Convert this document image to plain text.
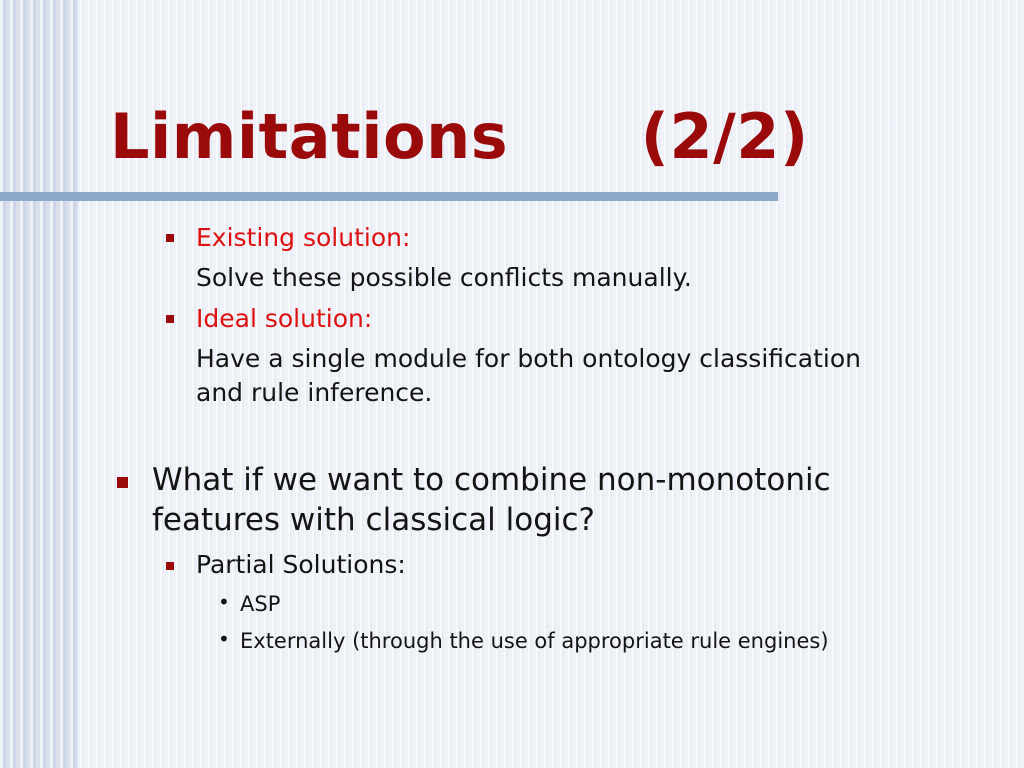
Limitations      (2/2)
Existing solution:
Solve these possible conflicts manually.
Ideal solution:
Have a single module for both ontology classification
and rule inference.
What if we want to combine non-monotonic
features with classical logic?
Partial Solutions:
• ASP
• Externally (through the use of appropriate rule engines)
